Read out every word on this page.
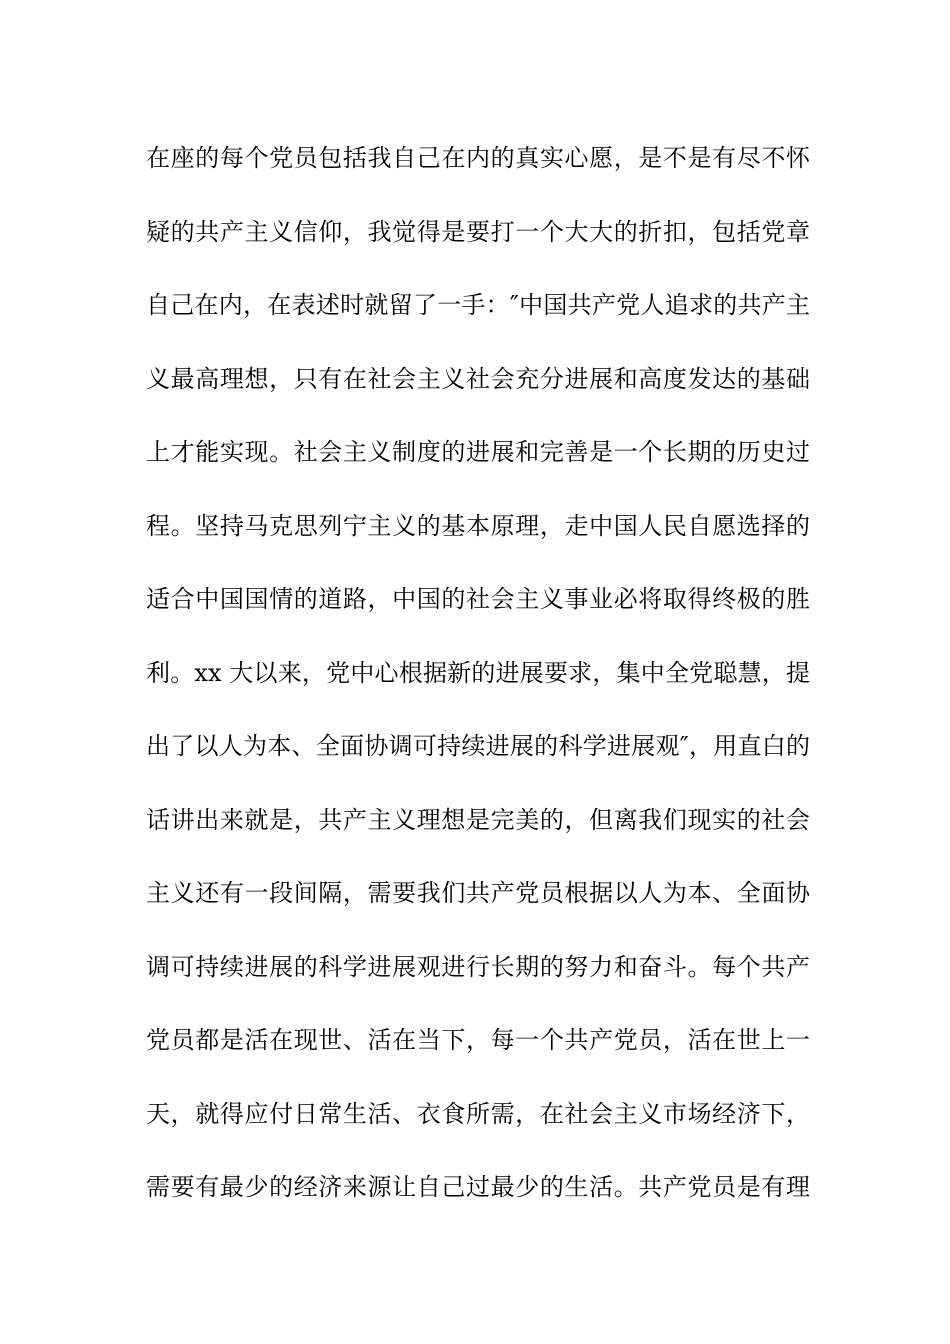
在座的每个党员包括我自己在内的真实心愿，是不是有尽不怀
疑的共产主义信仰，我觉得是要打一个大大的折扣，包括党章
自己在内，在表述时就留了一手：″中国共产党人追求的共产主
义最高理想，只有在社会主义社会充分进展和高度发达的基础
上才能实现。社会主义制度的进展和完善是一个长期的历史过
程。坚持马克思列宁主义的基本原理，走中国人民自愿选择的
适合中国国情的道路，中国的社会主义事业必将取得终极的胜
利。xx 大以来，党中心根据新的进展要求，集中全党聪慧，提
出了以人为本、全面协调可持续进展的科学进展观″，用直白的
话讲出来就是，共产主义理想是完美的，但离我们现实的社会
主义还有一段间隔，需要我们共产党员根据以人为本、全面协
调可持续进展的科学进展观进行长期的努力和奋斗。每个共产
党员都是活在现世、活在当下，每一个共产党员，活在世上一
天，就得应付日常生活、衣食所需，在社会主义市场经济下，
需要有最少的经济来源让自己过最少的生活。共产党员是有理
